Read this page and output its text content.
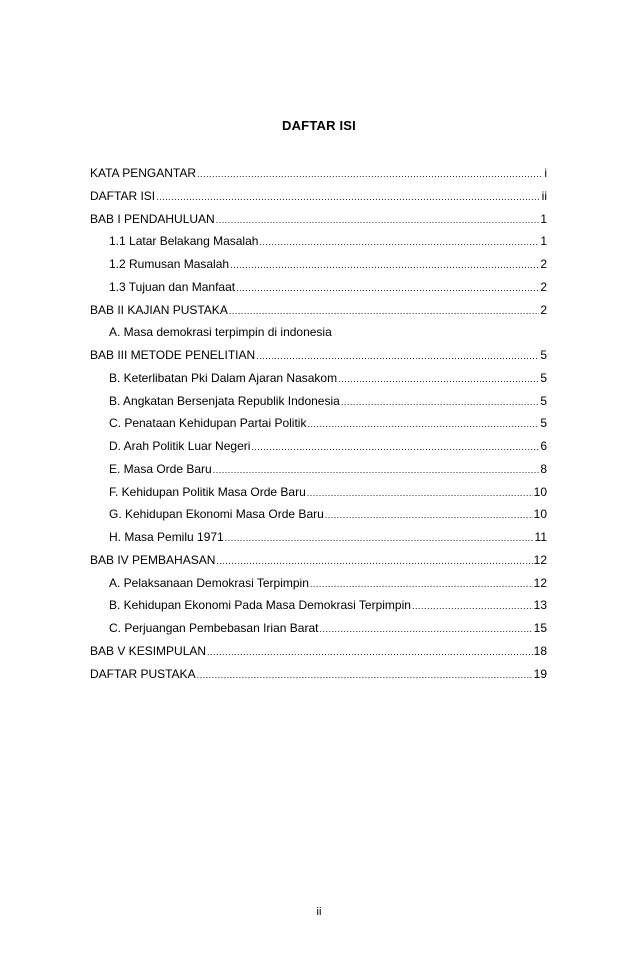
DAFTAR ISI
KATA PENGANTAR .....	i
DAFTAR ISI .....	ii
BAB I PENDAHULUAN .....	1
1.1 Latar Belakang Masalah .....	1
1.2 Rumusan Masalah .....	2
1.3 Tujuan dan Manfaat .....	2
BAB II KAJIAN PUSTAKA .....	2
A. Masa demokrasi terpimpin di indonesia
BAB III METODE PENELITIAN .....	5
B. Keterlibatan Pki Dalam Ajaran Nasakom .....	5
B. Angkatan Bersenjata Republik Indonesia .....	5
C. Penataan Kehidupan Partai Politik .....	5
D. Arah Politik Luar Negeri .....	6
E. Masa Orde Baru .....	8
F. Kehidupan Politik Masa Orde Baru .....	10
G. Kehidupan Ekonomi Masa Orde Baru .....	10
H. Masa Pemilu 1971 .....	11
BAB IV PEMBAHASAN .....	12
A. Pelaksanaan Demokrasi Terpimpin .....	12
B. Kehidupan Ekonomi Pada Masa Demokrasi Terpimpin .....	13
C. Perjuangan Pembebasan Irian Barat .....	15
BAB V KESIMPULAN .....	18
DAFTAR PUSTAKA .....	19
ii
